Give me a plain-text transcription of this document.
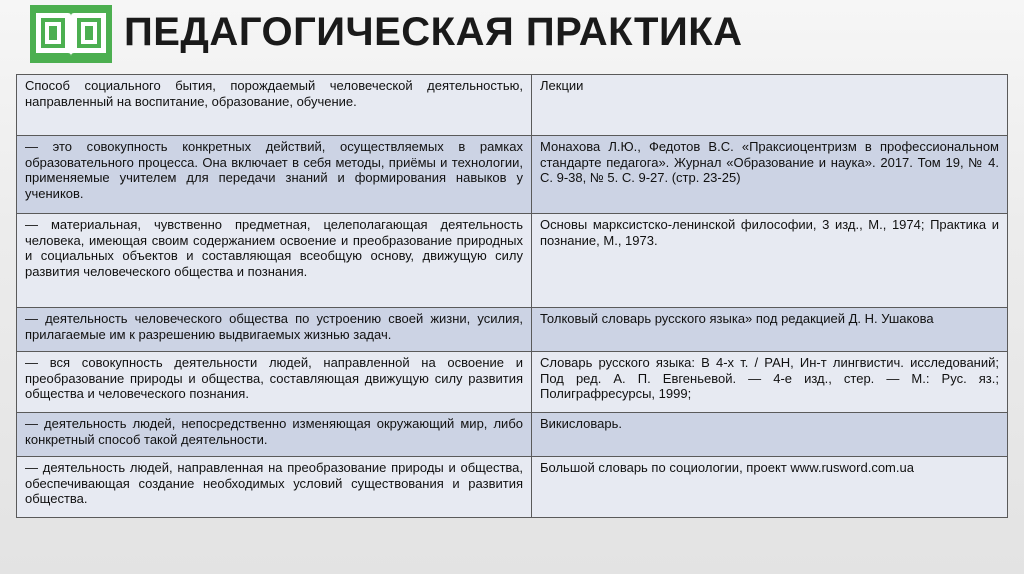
ПЕДАГОГИЧЕСКАЯ ПРАКТИКА
Способ социального бытия, порождаемый человеческой деятельностью, направленный на воспитание, образование, обучение.	Лекции
— это совокупность конкретных действий, осуществляемых в рамках образовательного процесса. Она включает в себя методы, приёмы и технологии, применяемые учителем для передачи знаний и формирования навыков у учеников.	Монахова Л.Ю., Федотов В.С. «Праксиоцентризм в профессиональном стандарте педагога». Журнал «Образование и наука». 2017. Том 19, № 4. С. 9-38, № 5. С. 9-27. (стр. 23-25)
— материальная, чувственно предметная, целеполагающая деятельность человека, имеющая своим содержанием освоение и преобразование природных и социальных объектов и составляющая всеобщую основу, движущую силу развития человеческого общества и познания.	Основы марксистско-ленинской философии, 3 изд., М., 1974; Практика и познание, М., 1973.
— деятельность человеческого общества по устроению своей жизни, усилия, прилагаемые им к разрешению выдвигаемых жизнью задач.	Толковый словарь русского языка» под редакцией Д. Н. Ушакова
— вся совокупность деятельности людей, направленной на освоение и преобразование природы и общества, составляющая движущую силу развития общества и человеческого познания.	Словарь русского языка: В 4-х т. / РАН, Ин-т лингвистич. исследований; Под ред. А. П. Евгеньевой. — 4-е изд., стер. — М.: Рус. яз.; Полиграфресурсы, 1999;
— деятельность людей, непосредственно изменяющая окружающий мир, либо конкретный способ такой деятельности.	Викисловарь.
— деятельность людей, направленная на преобразование природы и общества, обеспечивающая создание необходимых условий существования и развития общества.	Большой словарь по социологии, проект www.rusword.com.ua
